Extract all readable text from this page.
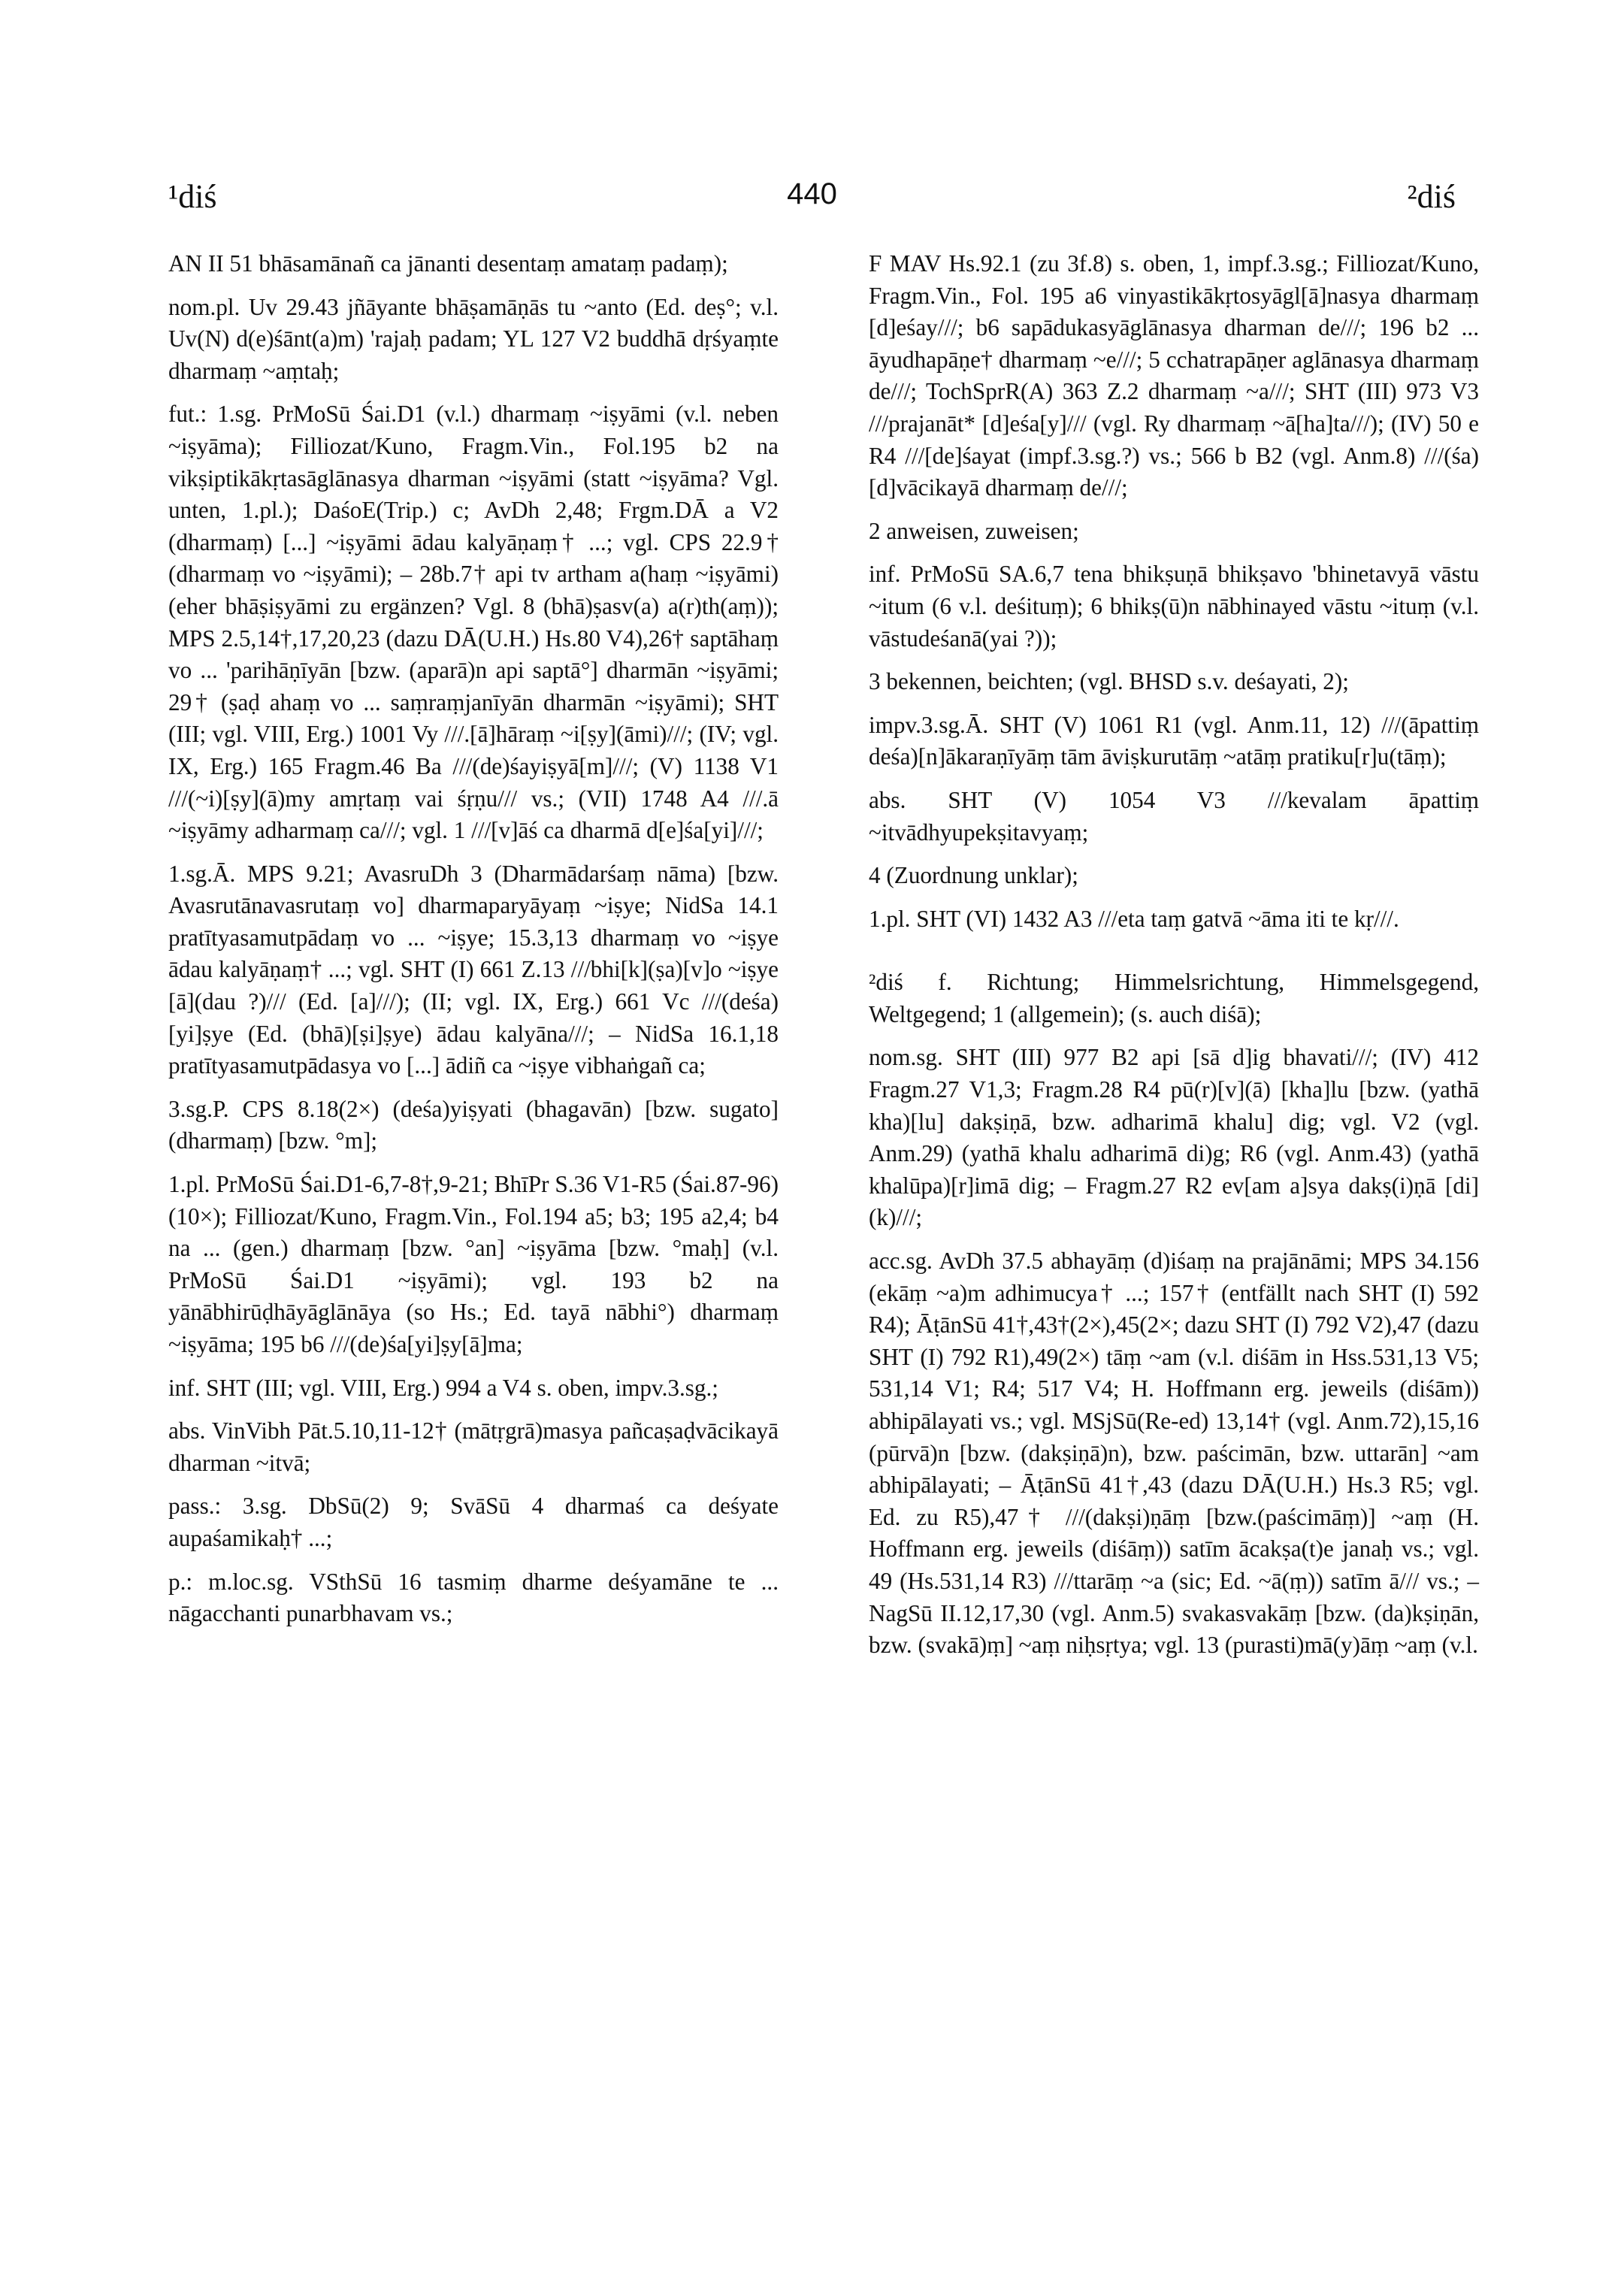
¹diś	440	²diś

AN II 51 bhāsamānañ ca jānanti desentaṃ amataṃ padaṃ);

nom.pl. Uv 29.43 jñāyante bhāṣamāṇās tu ~anto (Ed. deṣ°; v.l. Uv(N) d(e)śānt(a)m) 'rajaḥ padam; YL 127 V2 buddhā dṛśyaṃte dharmaṃ ~aṃtaḥ;

fut.: 1.sg. PrMoSū Śai.D1 (v.l.) dharmaṃ ~iṣyāmi (v.l. neben ~iṣyāma); Filliozat/Kuno, Fragm.Vin., Fol.195 b2 na vikṣiptikākṛtasāglānasya dharman ~iṣyāmi (statt ~iṣyāma? Vgl. unten, 1.pl.); DaśoE(Trip.) c; AvDh 2,48; Frgm.DĀ a V2 (dharmaṃ) [...] ~iṣyāmi ādau kalyāṇaṃ† ...; vgl. CPS 22.9† (dharmaṃ vo ~iṣyāmi); – 28b.7† api tv artham a(haṃ ~iṣyāmi) (eher bhāṣiṣyāmi zu ergänzen? Vgl. 8 (bhā)ṣasv(a) a(r)th(aṃ)); MPS 2.5,14†,17,20,23 (dazu DĀ(U.H.) Hs.80 V4),26† saptāhaṃ vo ... 'parihāṇīyān [bzw. (aparā)n api saptā°] dharmān ~iṣyāmi; 29† (ṣaḍ ahaṃ vo ... saṃraṃjanīyān dharmān ~iṣyāmi); SHT (III; vgl. VIII, Erg.) 1001 Vy ///.[ā]hāraṃ ~i[ṣy](āmi)///; (IV; vgl. IX, Erg.) 165 Fragm.46 Ba ///(de)śayiṣyā[m]///; (V) 1138 V1 ///(~i)[ṣy](ā)my amṛtaṃ vai śṛṇu/// vs.; (VII) 1748 A4 ///.ā ~iṣyāmy adharmaṃ ca///; vgl. 1 ///[v]āś ca dharmā d[e]śa[yi]///;

1.sg.Ā. MPS 9.21; AvasruDh 3 (Dharmādarśaṃ nāma) [bzw. Avasrutānavasrutaṃ vo] dharmaparyāyaṃ ~iṣye; NidSa 14.1 pratītyasamutpādaṃ vo ... ~iṣye; 15.3,13 dharmaṃ vo ~iṣye ādau kalyāṇaṃ† ...; vgl. SHT (I) 661 Z.13 ///bhi[k](ṣa)[v]o ~iṣye [ā](dau ?)/// (Ed. [a]///); (II; vgl. IX, Erg.) 661 Vc ///(deśa)[yi]ṣye (Ed. (bhā)[ṣi]ṣye) ādau kalyāna///; – NidSa 16.1,18 pratītyasamutpādasya vo [...] ādiñ ca ~iṣye vibhaṅgañ ca;

3.sg.P. CPS 8.18(2×) (deśa)yiṣyati (bhagavān) [bzw. sugato] (dharmaṃ) [bzw. °m];

1.pl. PrMoSū Śai.D1-6,7-8†,9-21; BhīPr S.36 V1-R5 (Śai.87-96)(10×); Filliozat/Kuno, Fragm.Vin., Fol.194 a5; b3; 195 a2,4; b4 na ... (gen.) dharmaṃ [bzw. °an] ~iṣyāma [bzw. °maḥ] (v.l. PrMoSū Śai.D1 ~iṣyāmi); vgl. 193 b2 na yānābhirūḍhāyāglānāya (so Hs.; Ed. tayā nābhi°) dharmaṃ ~iṣyāma; 195 b6 ///(de)śa[yi]ṣy[ā]ma;

inf. SHT (III; vgl. VIII, Erg.) 994 a V4 s. oben, impv.3.sg.;

abs. VinVibh Pāt.5.10,11-12† (mātṛgrā)masya pañcaṣaḍvācikayā dharman ~itvā;

pass.: 3.sg. DbSū(2) 9; SvāSū 4 dharmaś ca deśyate aupaśamikaḥ† ...;

p.: m.loc.sg. VSthSū 16 tasmiṃ dharme deśyamāne te ... nāgacchanti punarbhavam vs.;

F MAV Hs.92.1 (zu 3f.8) s. oben, 1, impf.3.sg.; Filliozat/Kuno, Fragm.Vin., Fol. 195 a6 vinyastikākṛtosyāgl[ā]nasya dharmaṃ [d]eśay///; b6 sapādukasyāglānasya dharman de///; 196 b2 ... āyudhapāṇe† dharmaṃ ~e///; 5 cchatrapāṇer aglānasya dharmaṃ de///; TochSprR(A) 363 Z.2 dharmaṃ ~a///; SHT (III) 973 V3 ///prajanāt* [d]eśa[y]/// (vgl. Ry dharmaṃ ~ā[ha]ta///); (IV) 50 e R4 ///[de]śayat (impf.3.sg.?) vs.; 566 b B2 (vgl. Anm.8) ///(śa)[d]vācikayā dharmaṃ de///;

2 anweisen, zuweisen;

inf. PrMoSū SA.6,7 tena bhikṣuṇā bhikṣavo 'bhinetavyā vāstu ~itum (6 v.l. deśituṃ); 6 bhikṣ(ū)n nābhinayed vāstu ~ituṃ (v.l. vāstudeśanā(yai ?));

3 bekennen, beichten; (vgl. BHSD s.v. deśayati, 2);

impv.3.sg.Ā. SHT (V) 1061 R1 (vgl. Anm.11, 12) ///(āpattiṃ deśa)[n]ākaraṇīyāṃ tām āviṣkurutāṃ ~atāṃ pratiku[r]u(tāṃ);

abs. SHT (V) 1054 V3 ///kevalam āpattiṃ ~itvādhyupekṣitavyaṃ;

4 (Zuordnung unklar);

1.pl. SHT (VI) 1432 A3 ///eta taṃ gatvā ~āma iti te kṛ///.

²diś f. Richtung; Himmelsrichtung, Himmelsgegend, Weltgegend; 1 (allgemein); (s. auch diśā);

nom.sg. SHT (III) 977 B2 api [sā d]ig bhavati///; (IV) 412 Fragm.27 V1,3; Fragm.28 R4 pū(r)[v](ā) [kha]lu [bzw. (yathā kha)[lu] dakṣiṇā, bzw. adharimā khalu] dig; vgl. V2 (vgl. Anm.29) (yathā khalu adharimā di)g; R6 (vgl. Anm.43) (yathā khalūpa)[r]imā dig; – Fragm.27 R2 ev[am a]sya dakṣ(i)ṇā [di](k)///;

acc.sg. AvDh 37.5 abhayāṃ (d)iśaṃ na prajānāmi; MPS 34.156 (ekāṃ ~a)m adhimucya† ...; 157† (entfällt nach SHT (I) 592 R4); ĀṭānSū 41†,43†(2×),45(2×; dazu SHT (I) 792 V2),47 (dazu SHT (I) 792 R1),49(2×) tāṃ ~am (v.l. diśām in Hss.531,13 V5; 531,14 V1; R4; 517 V4; H. Hoffmann erg. jeweils (diśām)) abhipālayati vs.; vgl. MSjSū(Re-ed) 13,14† (vgl. Anm.72),15,16 (pūrvā)n [bzw. (dakṣiṇā)n), bzw. paścimān, bzw. uttarān] ~am abhipālayati; – ĀṭānSū 41†,43 (dazu DĀ(U.H.) Hs.3 R5; vgl. Ed. zu R5),47† ///(dakṣi)ṇāṃ [bzw.(paścimāṃ)] ~aṃ (H. Hoffmann erg. jeweils (diśāṃ)) satīm ācakṣa(t)e janaḥ vs.; vgl. 49 (Hs.531,14 R3) ///ttarāṃ ~a (sic; Ed. ~ā(ṃ)) satīm ā/// vs.; – NagSū II.12,17,30 (vgl. Anm.5) svakasvakāṃ [bzw. (da)kṣiṇān, bzw. (svakā)ṃ] ~aṃ niḥsṛtya; vgl. 13 (purasti)mā(y)āṃ ~aṃ (v.l.
